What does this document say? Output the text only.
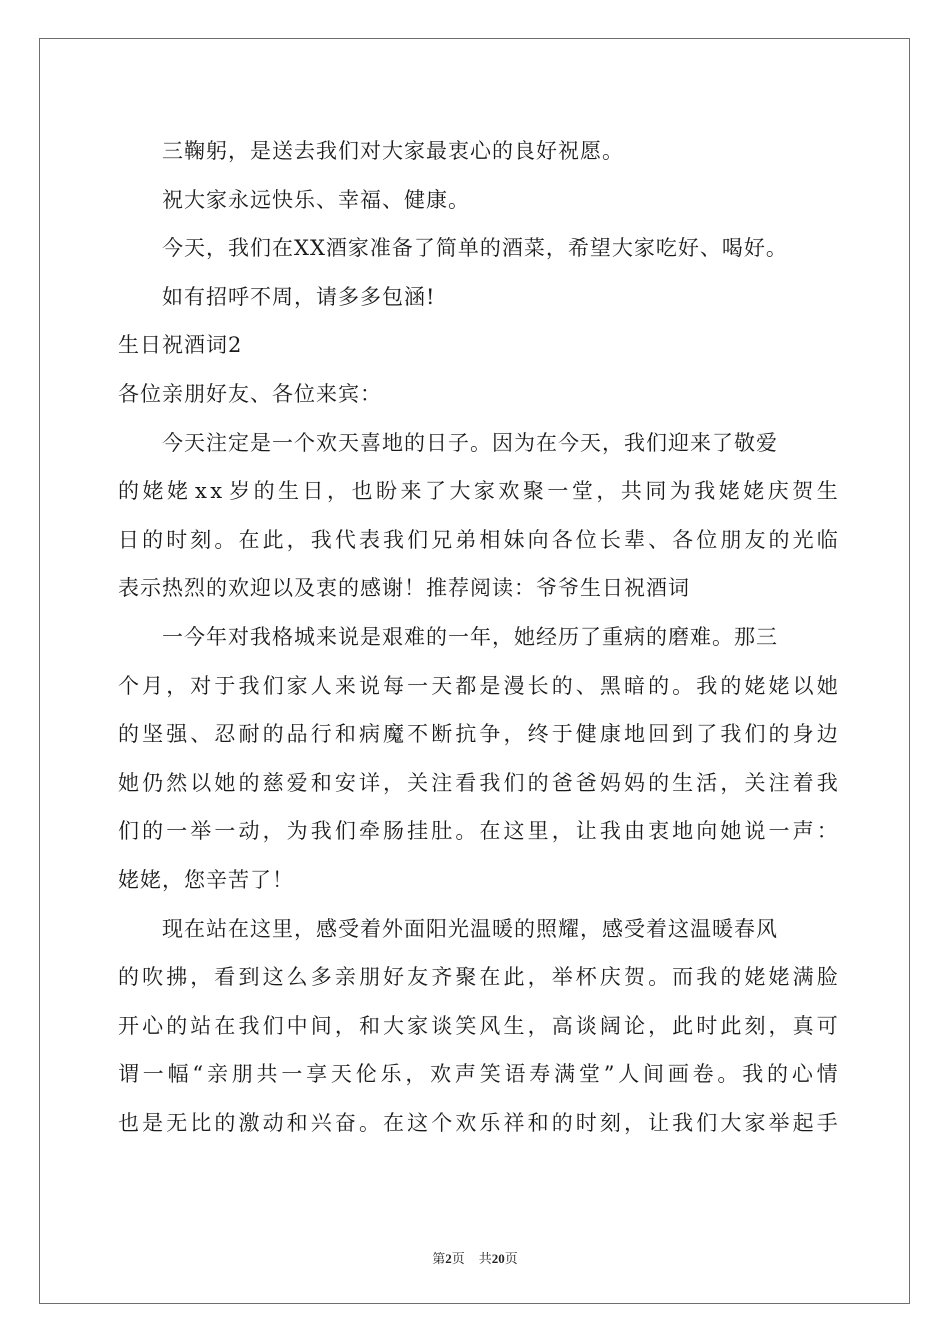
三鞠躬，是送去我们对大家最衷心的良好祝愿。
祝大家永远快乐、幸福、健康。
今天，我们在XX酒家准备了简单的酒菜，希望大家吃好、喝好。
如有招呼不周，请多多包涵!
生日祝酒词2
各位亲朋好友、各位来宾：
今天注定是一个欢天喜地的日子。因为在今天，我们迎来了敬爱
的 姥 姥 x x 岁 的 生 日 ， 也 盼 来 了 大 家 欢 聚 一 堂 ， 共 同 为 我 姥 姥 庆 贺 生
日 的 时 刻 。 在 此 ， 我 代 表 我 们 兄 弟 相 妹 向 各 位 长 辈 、 各 位 朋 友 的 光 临
表示热烈的欢迎以及衷的感谢！推荐阅读：爷爷生日祝酒词
一今年对我格城来说是艰难的一年，她经历了重病的磨难。那三
个 月 ， 对 于 我 们 家 人 来 说 每 一 天 都 是 漫 长 的 、 黑 暗 的 。 我 的 姥 姥 以 她
的 坚 强 、 忍 耐 的 品 行 和 病 魔 不 断 抗 争 ， 终 于 健 康 地 回 到 了 我 们 的 身 边
她 仍 然 以 她 的 慈 爱 和 安 详 ， 关 注 看 我 们 的 爸 爸 妈 妈 的 生 活 ， 关 注 着 我
们 的 一 举 一 动 ， 为 我 们 牵 肠 挂 肚 。 在 这 里 ， 让 我 由 衷 地 向 她 说 一 声 ：
姥姥，您辛苦了！
现在站在这里，感受着外面阳光温暖的照耀，感受着这温暖春风
的 吹 拂 ， 看 到 这 么 多 亲 朋 好 友 齐 聚 在 此 ， 举 杯 庆 贺 。 而 我 的 姥 姥 满 脸
开 心 的 站 在 我 们 中 间 ， 和 大 家 谈 笑 风 生 ， 高 谈 阔 论 ， 此 时 此 刻 ， 真 可
谓 一 幅 “ 亲 朋 共 一 享 天 伦 乐 ， 欢 声 笑 语 寿 满 堂 ” 人 间 画 卷 。 我 的 心 情
也 是 无 比 的 激 动 和 兴 奋 。 在 这 个 欢 乐 祥 和 的 时 刻 ， 让 我 们 大 家 举 起 手
第2页 共20页
